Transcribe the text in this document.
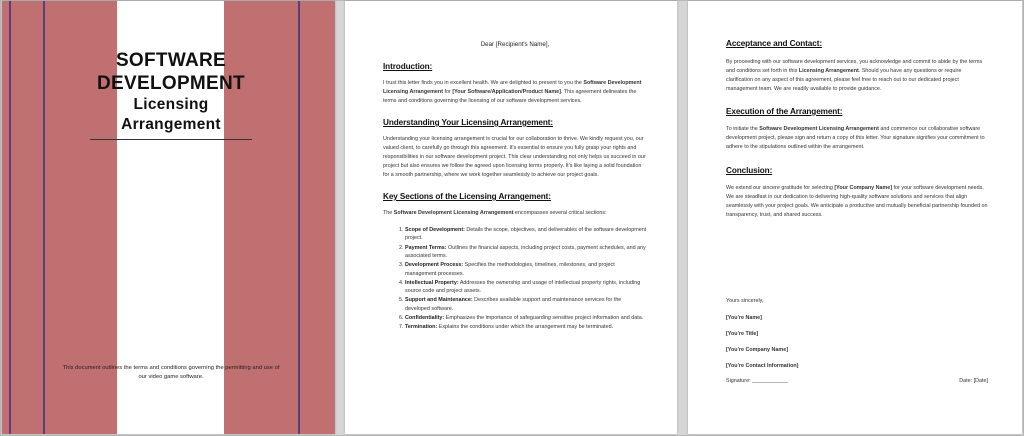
SOFTWARE
DEVELOPMENT
Licensing
Arrangement
This document outlines the terms and conditions governing the permitting and use of our video game software.
Dear [Recipient's Name],
Introduction:

I trust this letter finds you in excellent health. We are delighted to present to you the Software Development Licensing Arrangement for [Your Software/Application/Product Name]. This agreement delineates the terms and conditions governing the licensing of our software development services.

Understanding Your Licensing Arrangement:

Understanding your licensing arrangement is crucial for our collaboration to thrive. We kindly request you, our valued client, to carefully go through this agreement. It's essential to ensure you fully grasp your rights and responsibilities in our software development project. This clear understanding not only helps us succeed in our project but also ensures we follow the agreed upon licensing terms properly. It's like laying a solid foundation for a smooth partnership, where we work together seamlessly to achieve our project goals.

Key Sections of the Licensing Arrangement:

The Software Development Licensing Arrangement encompasses several critical sections:

1. Scope of Development: Details the scope, objectives, and deliverables of the software development project.
2. Payment Terms: Outlines the financial aspects, including project costs, payment schedules, and any associated terms.
3. Development Process: Specifies the methodologies, timelines, milestones, and project management processes.
4. Intellectual Property: Addresses the ownership and usage of intellectual property rights, including source code and project assets.
5. Support and Maintenance: Describes available support and maintenance services for the developed software.
6. Confidentiality: Emphasizes the importance of safeguarding sensitive project information and data.
7. Termination: Explains the conditions under which the arrangement may be terminated.
Acceptance and Contact:

By proceeding with our software development services, you acknowledge and commit to abide by the terms and conditions set forth in this Licensing Arrangement. Should you have any questions or require clarification on any aspect of this agreement, please feel free to reach out to our dedicated project management team. We are readily available to provide guidance.

Execution of the Arrangement:

To initiate the Software Development Licensing Arrangement and commence our collaborative software development project, please sign and return a copy of this letter. Your signature signifies your commitment to adhere to the stipulations outlined within the arrangement.

Conclusion:

We extend our sincere gratitude for selecting [Your Company Name] for your software development needs. We are steadfast in our dedication to delivering high-quality software solutions and services that align seamlessly with your project goals. We anticipate a productive and mutually beneficial partnership founded on transparency, trust, and shared success.

Yours sincerely,
[You're Name]
[You're Title]
[You're Company Name]
[You're Contact Information]
Signature: ____________	Date: [Date]
